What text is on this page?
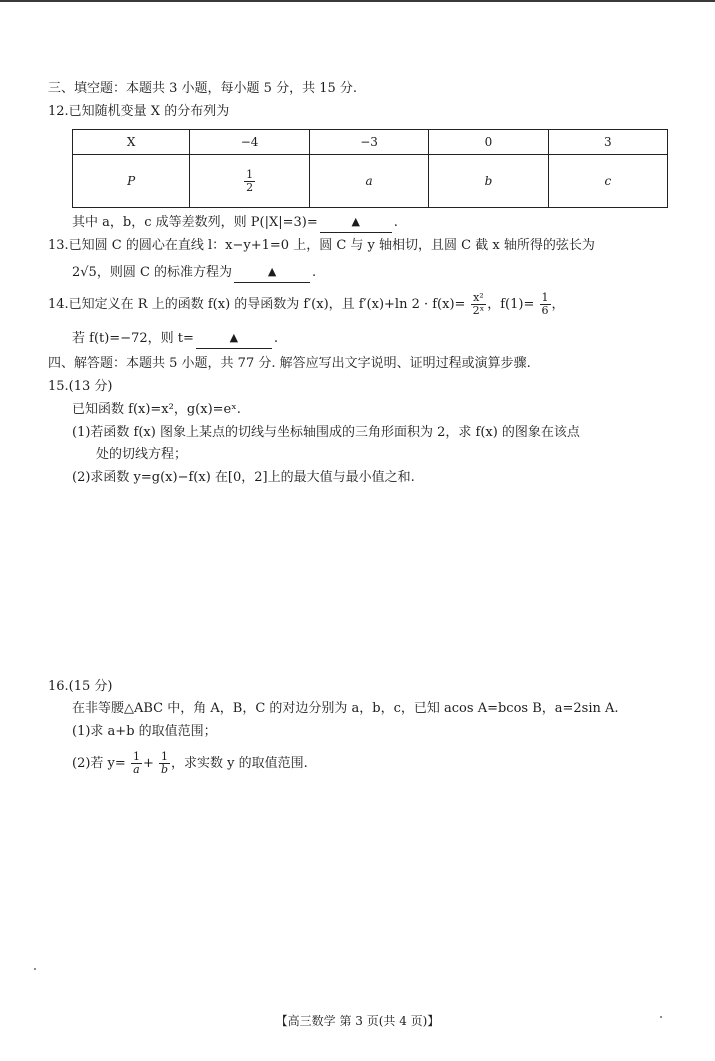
三、填空题：本题共 3 小题，每小题 5 分，共 15 分.
12.已知随机变量 X 的分布列为
X	−4	−3	0	3
P	$\frac{1}{2}$	a	b	c
其中 a，b，c 成等差数列，则 P(|X|=3)=	▲	.
13.已知圆 C 的圆心在直线 l：x−y+1=0 上，圆 C 与 y 轴相切，且圆 C 截 x 轴所得的弦长为
2√5，则圆 C 的标准方程为	▲	.
14.已知定义在 R 上的函数 f(x) 的导函数为 f′(x)，且 f′(x)+ln $2 \cdot f(x)= \frac{\text{x²}}{\text{2ˣ}}$ ，$f(1)= \frac{1}{6}$ ，
若 f(t)=−72，则 t=	▲	.
四、解答题：本题共 5 小题，共 77 分. 解答应写出文字说明、证明过程或演算步骤.
15.(13 分)
已知函数 f(x)=x²，g(x)=eˣ.
(1)若函数 f(x) 图象上某点的切线与坐标轴围成的三角形面积为 2，求 f(x) 的图象在该点
处的切线方程；
(2)求函数 y=g(x)−f(x) 在[0，2]上的最大值与最小值之和.
16.(15 分)
在非等腰△ABC 中，角 A，B，C 的对边分别为 a，b，c，已知 acos A=bcos B，a=2sin A.
(1)求 a+b 的取值范围；
(2)若 $y= \frac{1}{a} + \frac{1}{b}$ ，求实数 y 的取值范围.
【高三数学 第 3 页(共 4 页)】
